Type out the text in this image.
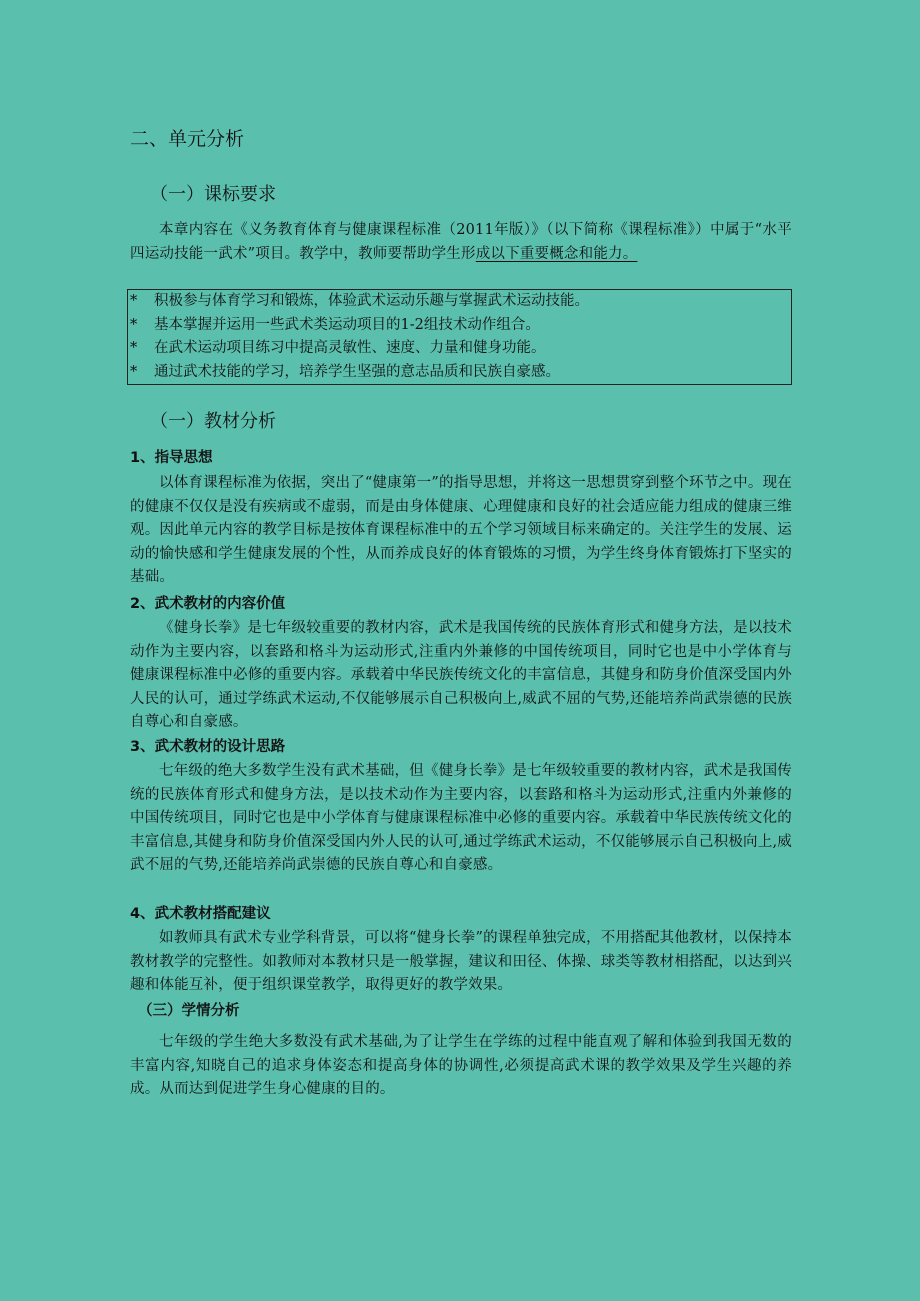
二、单元分析
（一）课标要求

本章内容在《义务教育体育与健康课程标准（2011年版）》（以下简称《课程标准》）中属于“水平四运动技能一武术”项目。教学中，教师要帮助学生形成以下重要概念和能力。

* 积极参与体育学习和锻炼，体验武术运动乐趣与掌握武术运动技能。
* 基本掌握并运用一些武术类运动项目的1-2组技术动作组合。
* 在武术运动项目练习中提高灵敏性、速度、力量和健身功能。
* 通过武术技能的学习，培养学生坚强的意志品质和民族自豪感。
（一）教材分析
1、指导思想

以体育课程标准为依据，突出了“健康第一”的指导思想，并将这一思想贯穿到整个环节之中。现在的健康不仅仅是没有疾病或不虚弱，而是由身体健康、心理健康和良好的社会适应能力组成的健康三维观。因此单元内容的教学目标是按体育课程标准中的五个学习领域目标来确定的。关注学生的发展、运动的愉快感和学生健康发展的个性，从而养成良好的体育锻炼的习惯，为学生终身体育锻炼打下坚实的基础。

2、武术教材的内容价值

《健身长拳》是七年级较重要的教材内容，武术是我国传统的民族体育形式和健身方法，是以技术动作为主要内容，以套路和格斗为运动形式,注重内外兼修的中国传统项目，同时它也是中小学体育与健康课程标准中必修的重要内容。承载着中华民族传统文化的丰富信息，其健身和防身价值深受国内外人民的认可，通过学练武术运动,不仅能够展示自己积极向上,威武不屈的气势,还能培养尚武崇德的民族自尊心和自豪感。

3、武术教材的设计思路

七年级的绝大多数学生没有武术基础，但《健身长拳》是七年级较重要的教材内容，武术是我国传统的民族体育形式和健身方法，是以技术动作为主要内容，以套路和格斗为运动形式,注重内外兼修的中国传统项目，同时它也是中小学体育与健康课程标准中必修的重要内容。承载着中华民族传统文化的丰富信息,其健身和防身价值深受国内外人民的认可,通过学练武术运动，不仅能够展示自己积极向上,威武不屈的气势,还能培养尚武崇德的民族自尊心和自豪感。

4、武术教材搭配建议

如教师具有武术专业学科背景，可以将“健身长拳”的课程单独完成，不用搭配其他教材，以保持本教材教学的完整性。如教师对本教材只是一般掌握，建议和田径、体操、球类等教材相搭配，以达到兴趣和体能互补，便于组织课堂教学，取得更好的教学效果。

（三）学情分析

七年级的学生绝大多数没有武术基础,为了让学生在学练的过程中能直观了解和体验到我国无数的丰富内容,知晓自己的追求身体姿态和提高身体的协调性,必须提高武术课的教学效果及学生兴趣的养成。从而达到促进学生身心健康的目的。
